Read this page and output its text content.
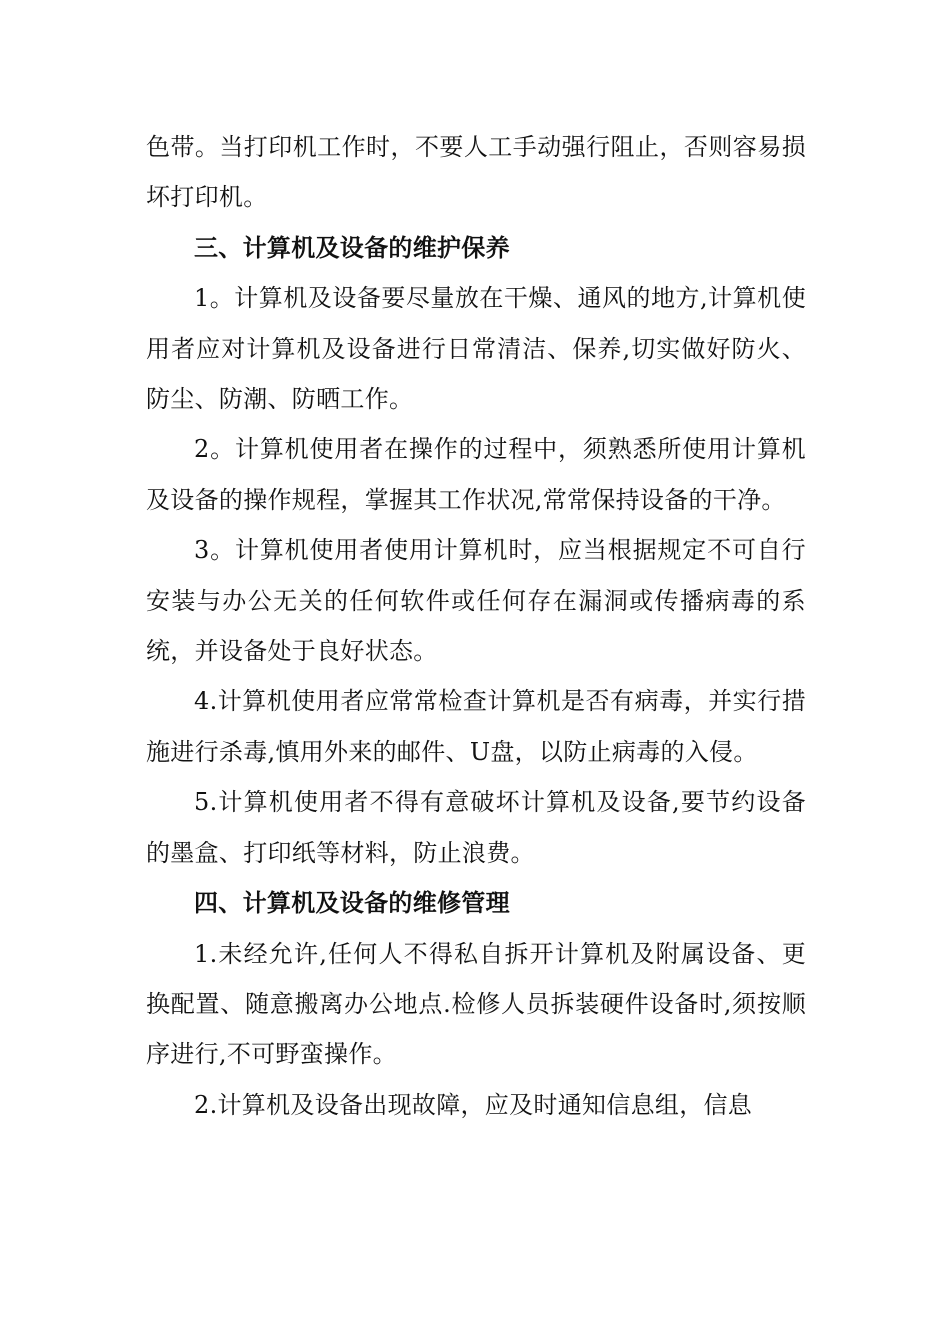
色带。当打印机工作时，不要人工手动强行阻止，否则容易损坏打印机。

三、计算机及设备的维护保养

1。计算机及设备要尽量放在干燥、通风的地方,计算机使用者应对计算机及设备进行日常清洁、保养,切实做好防火、防尘、防潮、防晒工作。

2。计算机使用者在操作的过程中，须熟悉所使用计算机及设备的操作规程，掌握其工作状况,常常保持设备的干净。

3。计算机使用者使用计算机时，应当根据规定不可自行安装与办公无关的任何软件或任何存在漏洞或传播病毒的系统，并设备处于良好状态。

4.计算机使用者应常常检查计算机是否有病毒，并实行措施进行杀毒,慎用外来的邮件、U盘，以防止病毒的入侵。

5.计算机使用者不得有意破坏计算机及设备,要节约设备的墨盒、打印纸等材料，防止浪费。

四、计算机及设备的维修管理

1.未经允许,任何人不得私自拆开计算机及附属设备、更换配置、随意搬离办公地点.检修人员拆装硬件设备时,须按顺序进行,不可野蛮操作。

2.计算机及设备出现故障，应及时通知信息组，信息
